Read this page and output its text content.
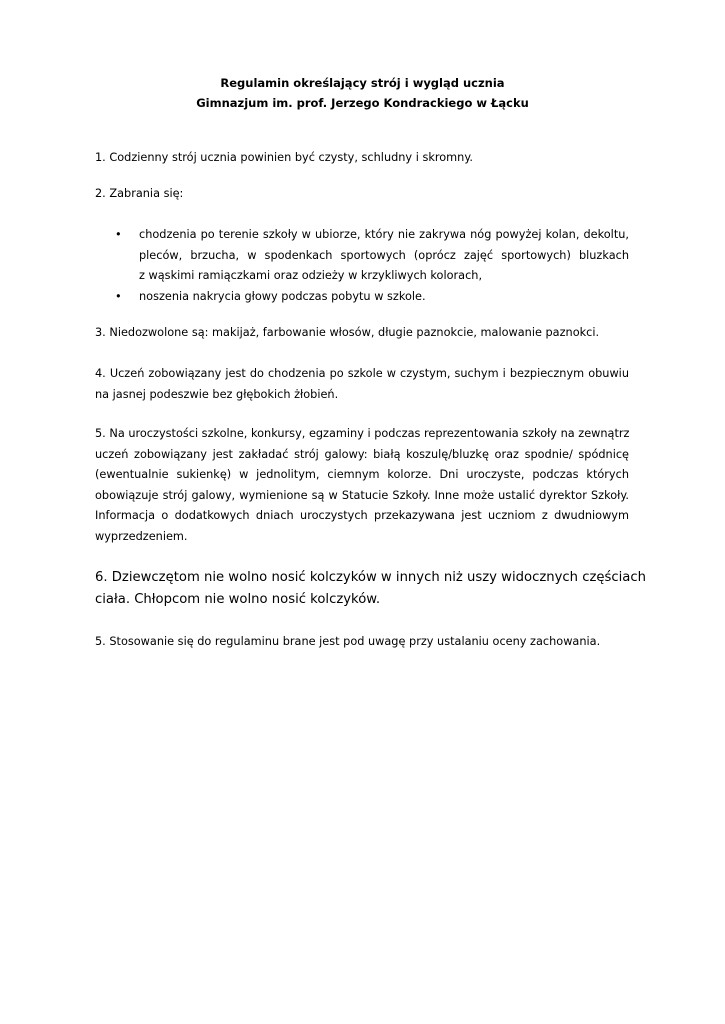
Regulamin określający strój i wygląd ucznia
Gimnazjum im. prof. Jerzego Kondrackiego w Łącku
1. Codzienny strój ucznia powinien być czysty, schludny i skromny.
2. Zabrania się:
• chodzenia po terenie szkoły w ubiorze, który nie zakrywa nóg powyżej kolan, dekoltu,
pleców, brzucha, w spodenkach sportowych (oprócz zajęć sportowych) bluzkach
z wąskimi ramiączkami oraz odzieży w krzykliwych kolorach,
• noszenia nakrycia głowy podczas pobytu w szkole.
3. Niedozwolone są: makijaż, farbowanie włosów, długie paznokcie, malowanie paznokci.
4. Uczeń zobowiązany jest do chodzenia po szkole w czystym, suchym i bezpiecznym obuwiu
na jasnej podeszwie bez głębokich żłobień.
5. Na uroczystości szkolne, konkursy, egzaminy i podczas reprezentowania szkoły na zewnątrz
uczeń zobowiązany jest zakładać strój galowy: białą koszulę/bluzkę oraz spodnie/ spódnicę
(ewentualnie sukienkę) w jednolitym, ciemnym kolorze. Dni uroczyste, podczas których
obowiązuje strój galowy, wymienione są w Statucie Szkoły. Inne może ustalić dyrektor Szkoły.
Informacja o dodatkowych dniach uroczystych przekazywana jest uczniom z dwudniowym
wyprzedzeniem.
6. Dziewczętom nie wolno nosić kolczyków w innych niż uszy widocznych częściach
ciała. Chłopcom nie wolno nosić kolczyków.
5. Stosowanie się do regulaminu brane jest pod uwagę przy ustalaniu oceny zachowania.
